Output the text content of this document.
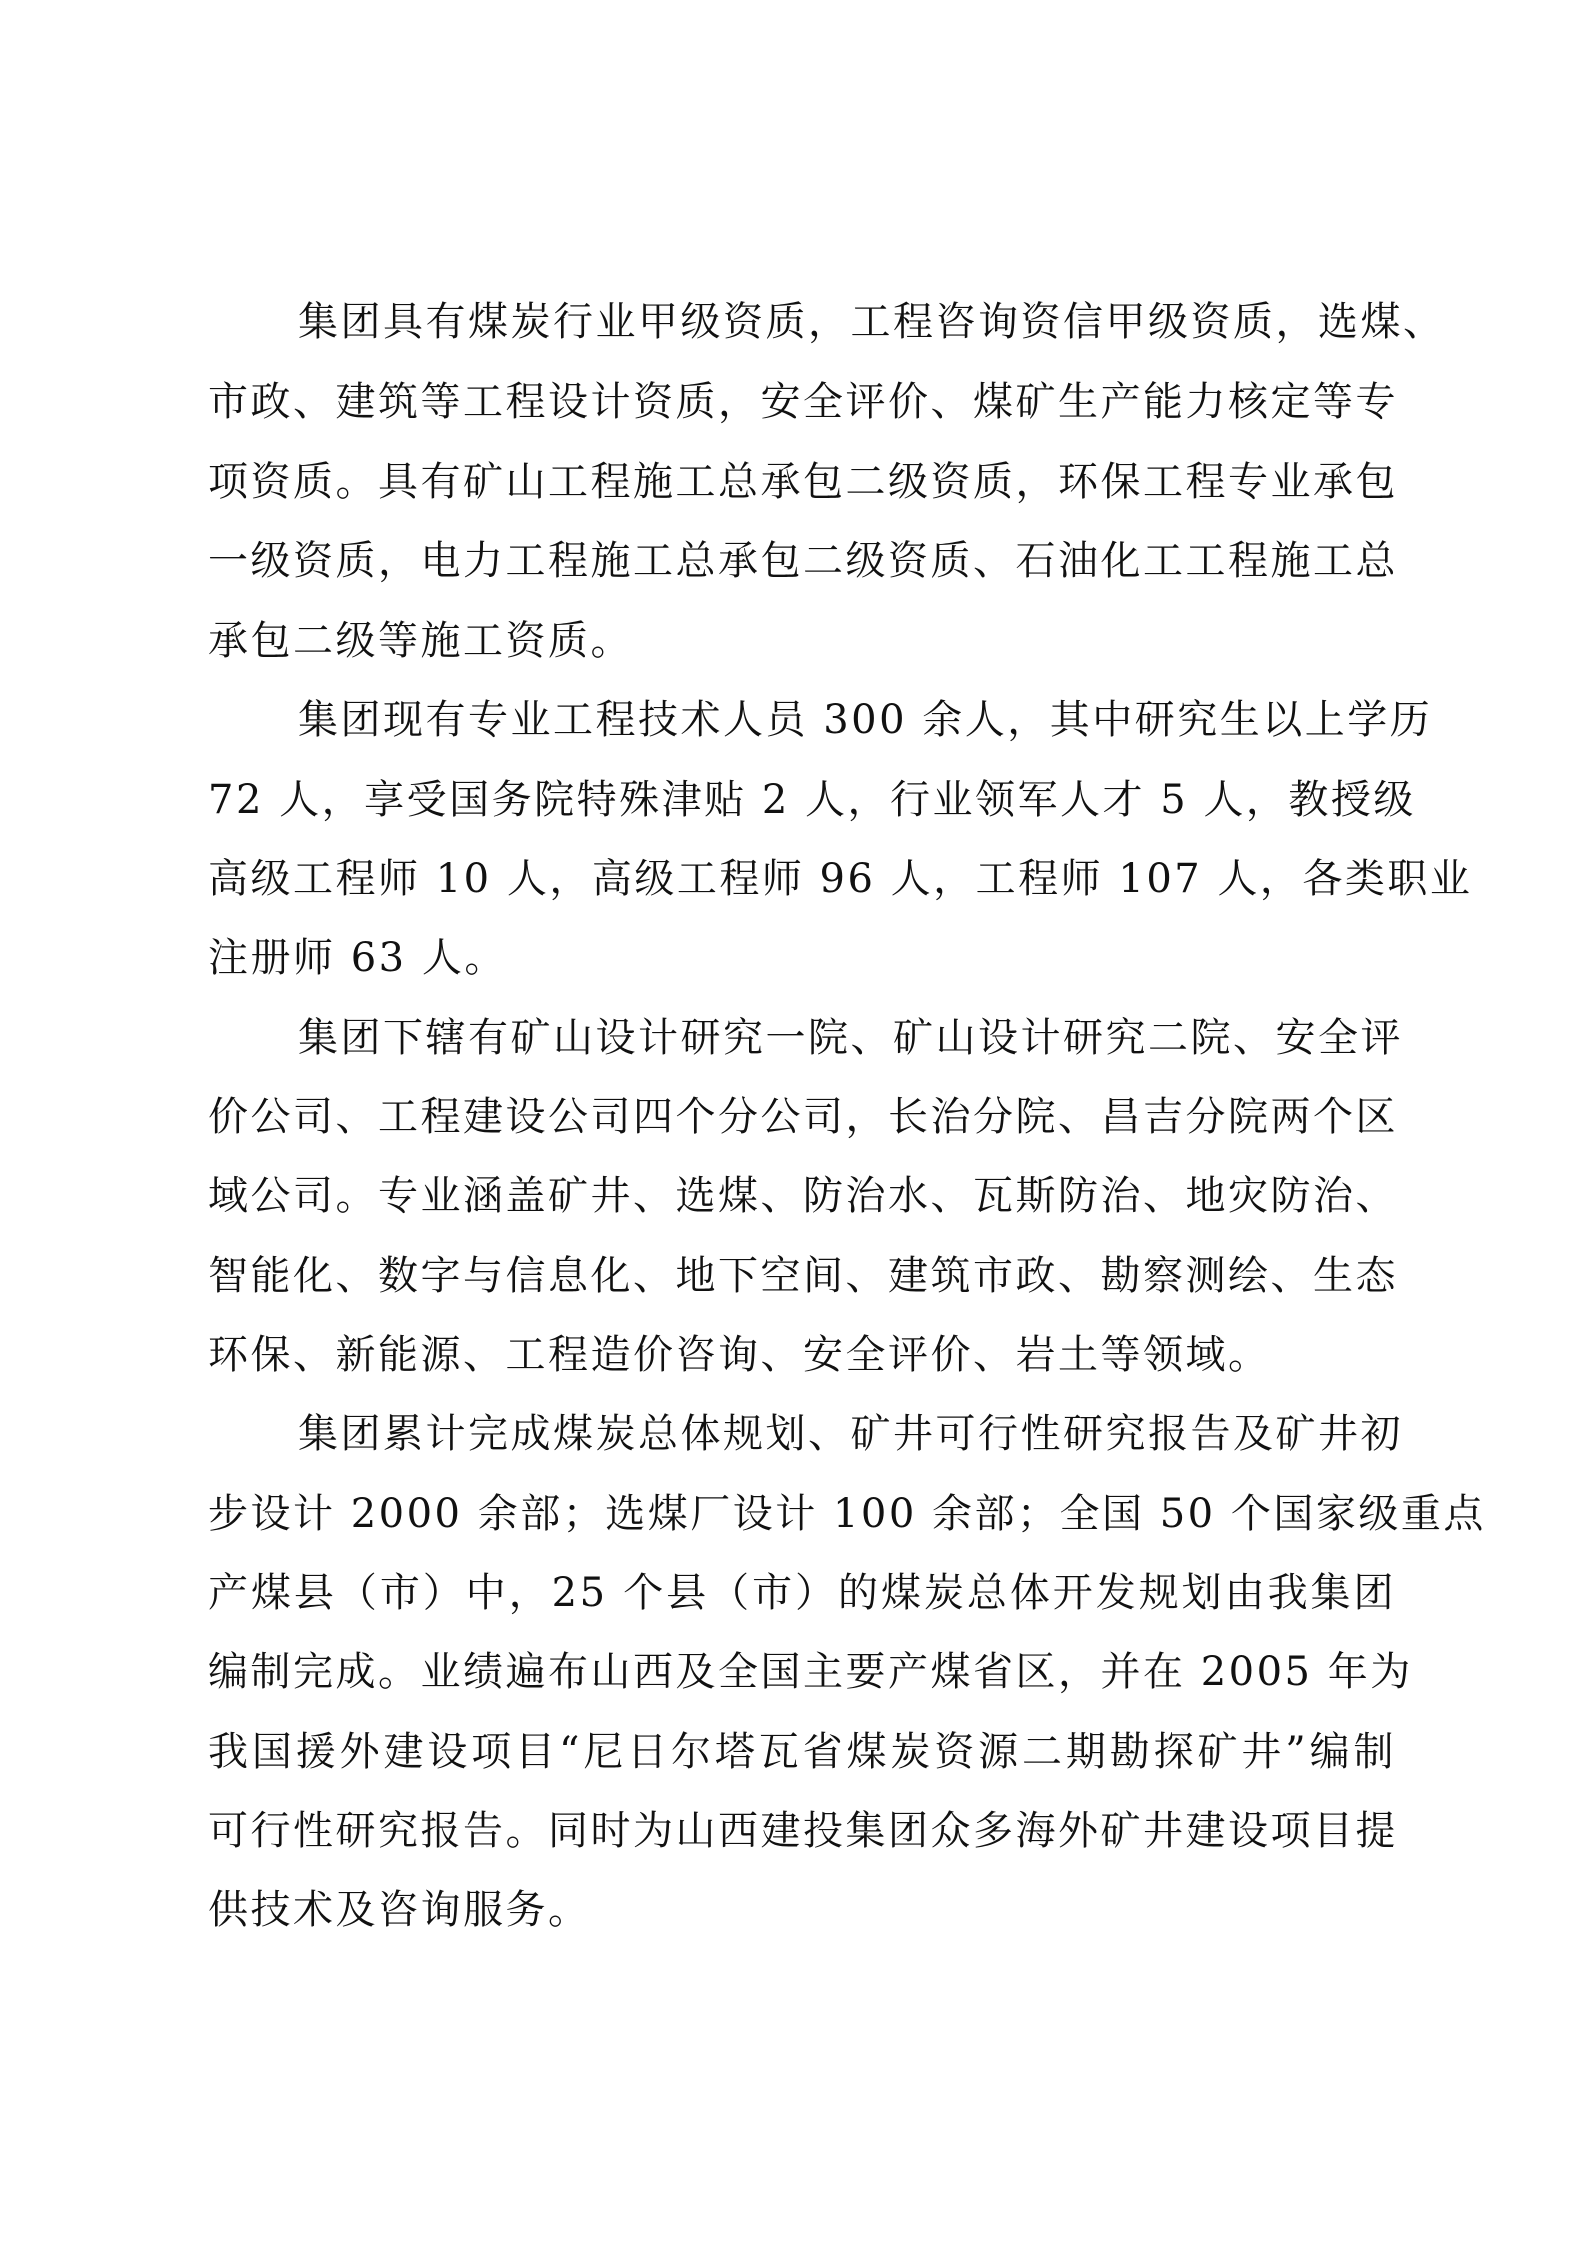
集团具有煤炭行业甲级资质，工程咨询资信甲级资质，选煤、
市政、建筑等工程设计资质，安全评价、煤矿生产能力核定等专
项资质。具有矿山工程施工总承包二级资质，环保工程专业承包
一级资质，电力工程施工总承包二级资质、石油化工工程施工总
承包二级等施工资质。
集团现有专业工程技术人员 300 余人，其中研究生以上学历
72 人，享受国务院特殊津贴 2 人，行业领军人才 5 人，教授级
高级工程师 10 人，高级工程师 96 人，工程师 107 人，各类职业
注册师 63 人。
集团下辖有矿山设计研究一院、矿山设计研究二院、安全评
价公司、工程建设公司四个分公司，长治分院、昌吉分院两个区
域公司。专业涵盖矿井、选煤、防治水、瓦斯防治、地灾防治、
智能化、数字与信息化、地下空间、建筑市政、勘察测绘、生态
环保、新能源、工程造价咨询、安全评价、岩土等领域。
集团累计完成煤炭总体规划、矿井可行性研究报告及矿井初
步设计 2000 余部；选煤厂设计 100 余部；全国 50 个国家级重点
产煤县（市）中，25 个县（市）的煤炭总体开发规划由我集团
编制完成。业绩遍布山西及全国主要产煤省区，并在 2005 年为
我国援外建设项目“尼日尔塔瓦省煤炭资源二期勘探矿井”编制
可行性研究报告。同时为山西建投集团众多海外矿井建设项目提
供技术及咨询服务。
